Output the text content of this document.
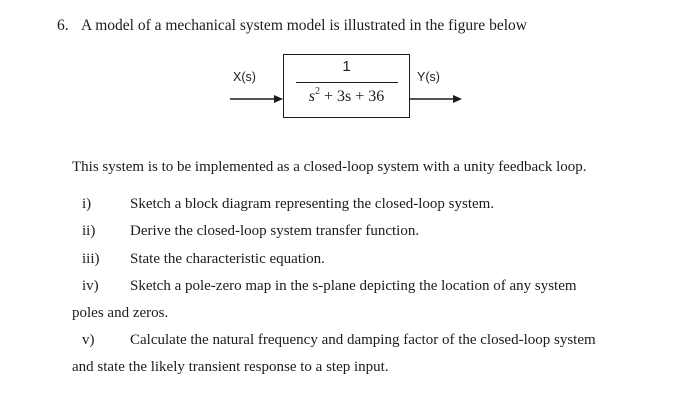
6. A model of a mechanical system model is illustrated in the figure below
X(s)	Y(s)
1
$s^2 + 3s + 36$
This system is to be implemented as a closed-loop system with a unity feedback loop.
i)	Sketch a block diagram representing the closed-loop system.
ii) Derive the closed-loop system transfer function.
iii) State the characteristic equation.
iv) Sketch a pole-zero map in the s-plane depicting the location of any system
poles and zeros.
v) Calculate the natural frequency and damping factor of the closed-loop system
and state the likely transient response to a step input.
